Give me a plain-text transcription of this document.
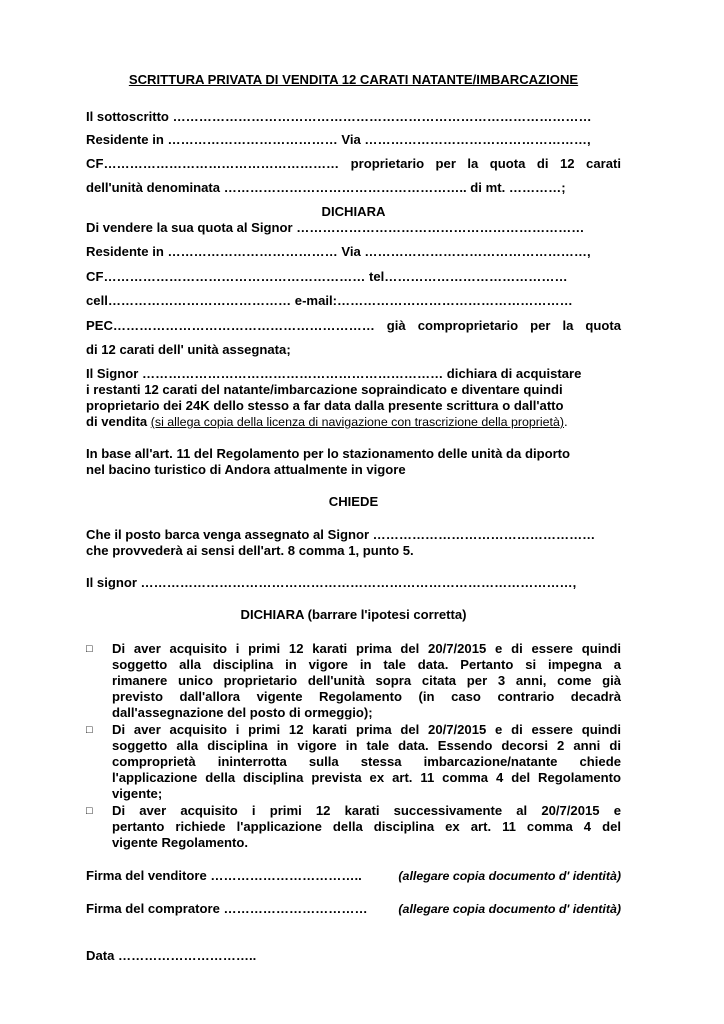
SCRITTURA PRIVATA DI VENDITA 12 CARATI NATANTE/IMBARCAZIONE
Il sottoscritto ……………………………………………………………………………………
Residente in ………………………………… Via ……………………………………………,
CF……………………………………………… proprietario per la quota di 12 carati
dell'unità denominata ……………………………………………….. di mt. …………;
DICHIARA
Di vendere la sua quota al Signor …………………………………………………………
Residente in ………………………………… Via ……………………………………………,
CF…………………………………………………… tel……………………………………
cell…………………………………… e-mail:………………………………………………
PEC…………………………………………………… già comproprietario per la quota
di 12 carati dell' unità assegnata;
Il Signor …………………………………………………………… dichiara di acquistare
i restanti 12 carati del natante/imbarcazione sopraindicato e diventare quindi
proprietario dei 24K dello stesso a far data dalla presente scrittura o dall'atto
di vendita (si allega copia della licenza di navigazione con trascrizione della proprietà).
In base all'art. 11 del Regolamento per lo stazionamento delle unità da diporto
nel bacino turistico di Andora attualmente in vigore
CHIEDE
Che il posto barca venga assegnato al Signor ……………………………………………
che provvederà ai sensi dell'art. 8 comma 1, punto 5.
Il signor ………………………………………………………………………………………,
DICHIARA (barrare l'ipotesi corretta)
□ Di aver acquisito i primi 12 karati prima del 20/7/2015 e di essere quindi
soggetto alla disciplina in vigore in tale data. Pertanto si impegna a
rimanere unico proprietario dell'unità sopra citata per 3 anni, come già
previsto dall'allora vigente Regolamento (in caso contrario decadrà
dall'assegnazione del posto di ormeggio);
□ Di aver acquisito i primi 12 karati prima del 20/7/2015 e di essere quindi
soggetto alla disciplina in vigore in tale data. Essendo decorsi 2 anni di
comproprietà ininterrotta sulla stessa imbarcazione/natante chiede
l'applicazione della disciplina prevista ex art. 11 comma 4 del Regolamento
vigente;
□ Di aver acquisito i primi 12 karati successivamente al 20/7/2015 e
pertanto richiede l'applicazione della disciplina ex art. 11 comma 4 del
vigente Regolamento.
Firma del venditore ……………………………..	(allegare copia documento d' identità)
Firma del compratore …………………………… (allegare copia documento d' identità)
Data …………………………..
